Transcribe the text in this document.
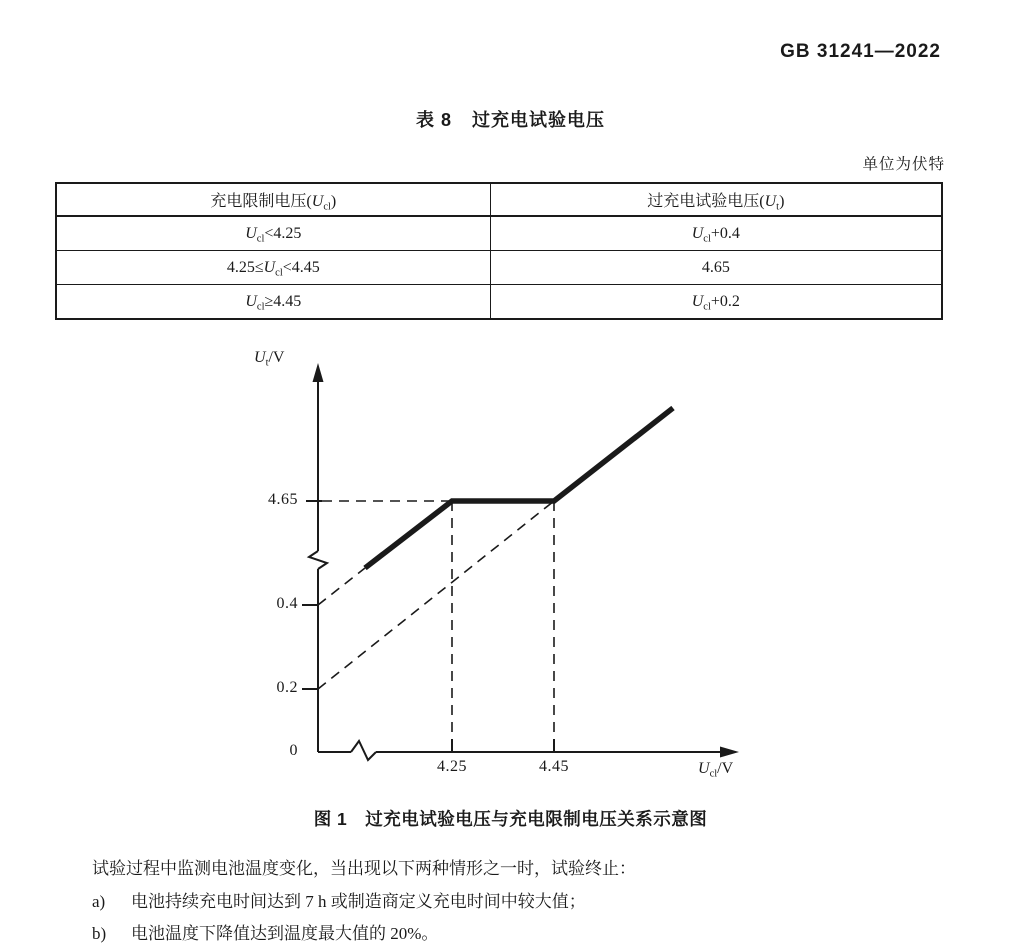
GB 31241—2022
表 8 过充电试验电压
单位为伏特
充电限制电压$(U_{cl})$	过充电试验电压$(U_t)$
$U_{cl}<4.25$	$U_{cl}+0.4$
$4.25\le U_{cl}<4.45$	4.65
$U_{cl}\ge 4.45$	$U_{cl}+0.2$
$U_t/V$
$U_{cl}/V$
4.65
0.4
0.2
0
4.25	4.45
图 1 过充电试验电压与充电限制电压关系示意图
试验过程中监测电池温度变化，当出现以下两种情形之一时，试验终止：
a) 电池持续充电时间达到 7 h 或制造商定义充电时间中较大值；
b) 电池温度下降值达到温度最大值的 20%。
